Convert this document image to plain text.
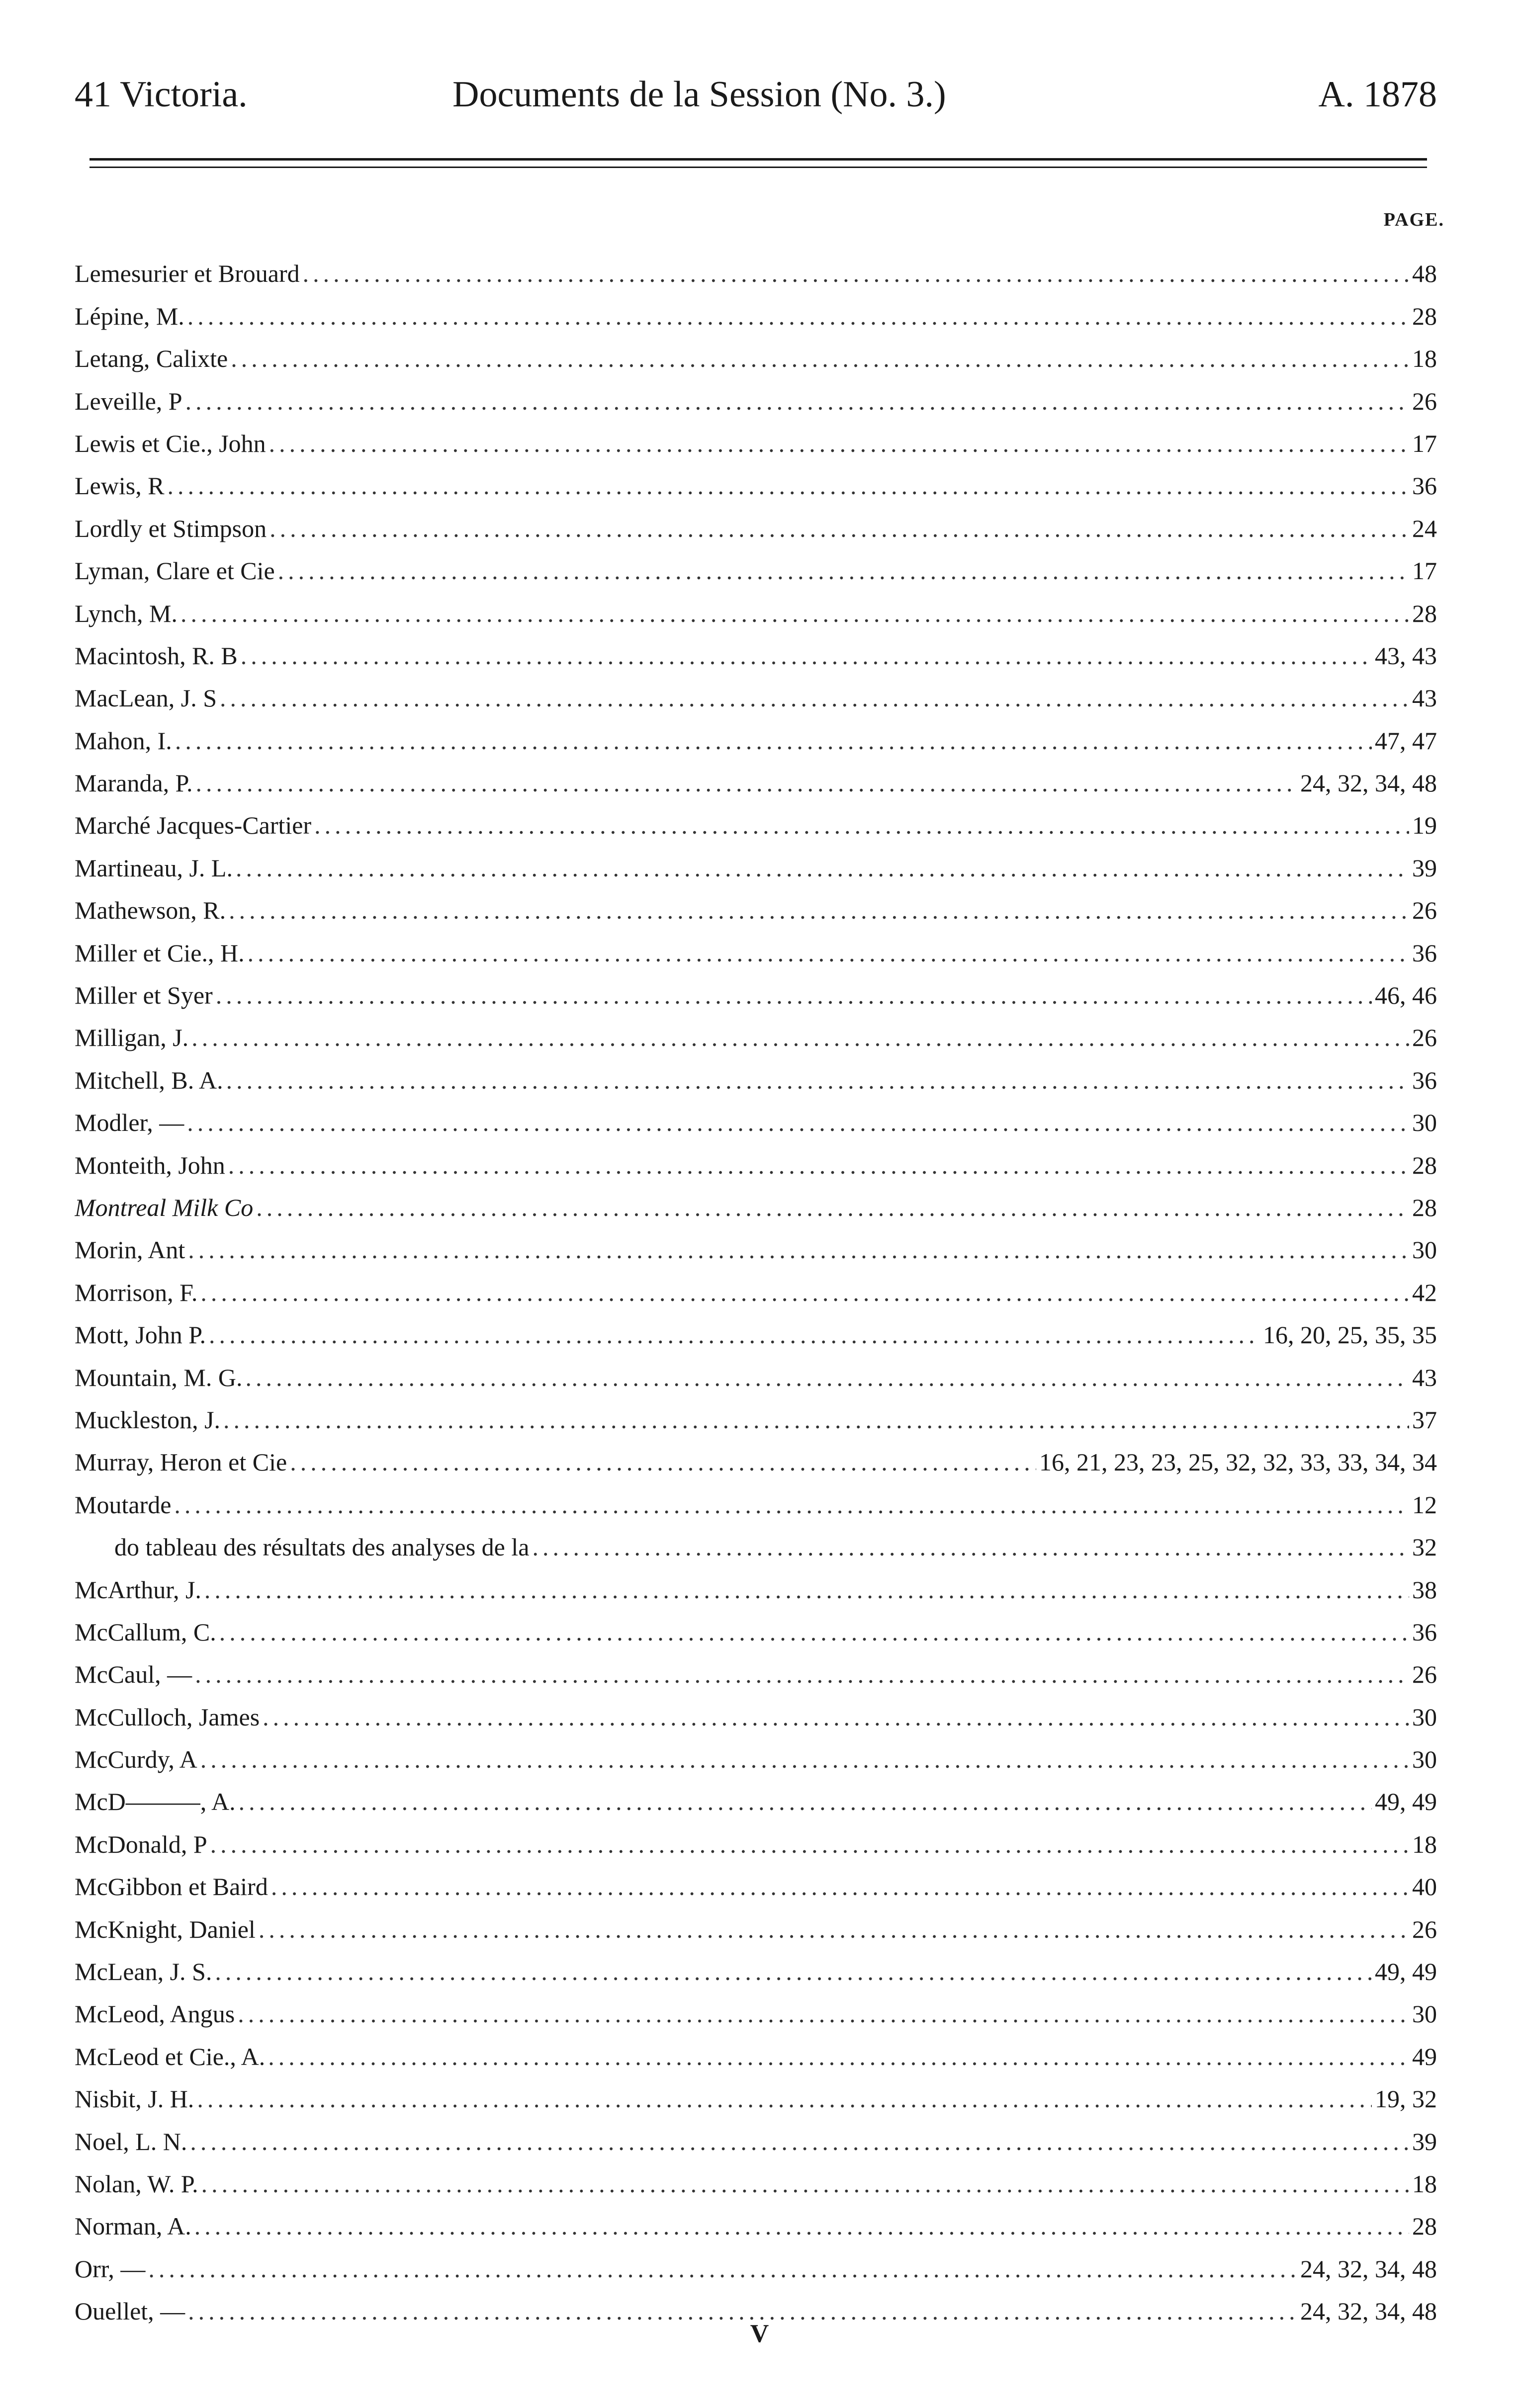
41 Victoria.	Documents de la Session (No. 3.)	A. 1878
PAGE.
Lemesurier et Brouard .....	48
Lépine, M. .....	28
Letang, Calixte .....	18
Leveille, P .....	26
Lewis et Cie., John .....	17
Lewis, R .....	36
Lordly et Stimpson .....	24
Lyman, Clare et Cie .....	17
Lynch, M. .....	28
Macintosh, R. B .....	43, 43
MacLean, J. S .....	43
Mahon, I. .....	47, 47
Maranda, P. .....	24, 32, 34, 48
Marché Jacques-Cartier .....	19
Martineau, J. L. .....	39
Mathewson, R. .....	26
Miller et Cie., H. .....	36
Miller et Syer .....	46, 46
Milligan, J. .....	26
Mitchell, B. A. .....	36
Modler, — .....	30
Monteith, John .....	28
Montreal Milk Co .....	28
Morin, Ant .....	30
Morrison, F. .....	42
Mott, John P. .....	16, 20, 25, 35, 35
Mountain, M. G. .....	43
Muckleston, J. .....	37
Murray, Heron et Cie .....	16, 21, 23, 23, 25, 32, 32, 33, 33, 34, 34
Moutarde .....	12
do tableau des résultats des analyses de la .....	32
McArthur, J. .....	38
McCallum, C. .....	36
McCaul, — .....	26
McCulloch, James .....	30
McCurdy, A .....	30
McD———, A. .....	49, 49
McDonald, P .....	18
McGibbon et Baird .....	40
McKnight, Daniel .....	26
McLean, J. S. .....	49, 49
McLeod, Angus .....	30
McLeod et Cie., A. .....	49
Nisbit, J. H. .....	19, 32
Noel, L. N. .....	39
Nolan, W. P. .....	18
Norman, A. .....	28
Orr, — .....	24, 32, 34, 48
Ouellet, — .....	24, 32, 34, 48
V
